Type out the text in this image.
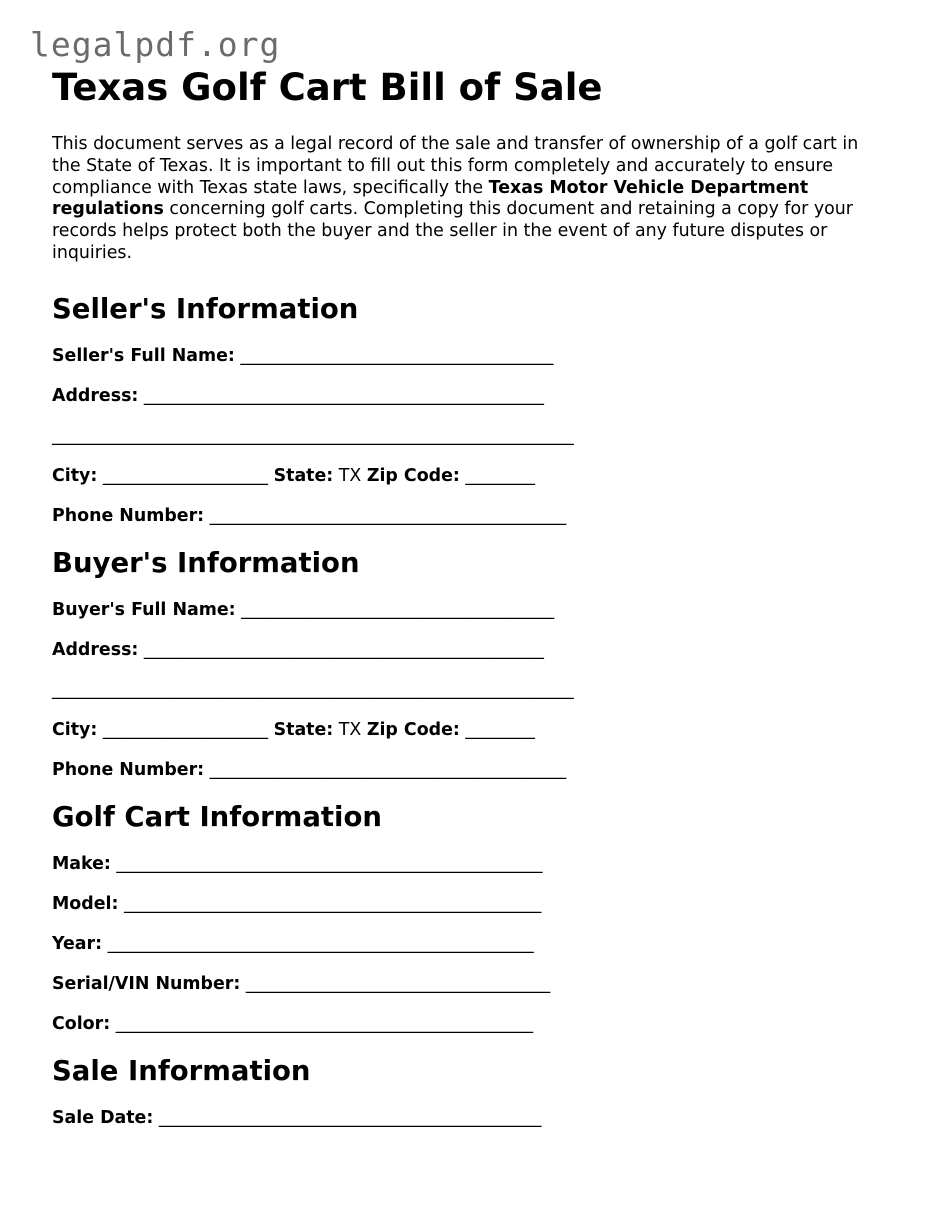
legalpdf.org
Texas Golf Cart Bill of Sale

This document serves as a legal record of the sale and transfer of ownership of a golf cart in the State of Texas. It is important to fill out this form completely and accurately to ensure compliance with Texas state laws, specifically the Texas Motor Vehicle Department regulations concerning golf carts. Completing this document and retaining a copy for your records helps protect both the buyer and the seller in the event of any future disputes or inquiries.

Seller's Information
Seller's Full Name: ____________________________________
Address: ______________________________________________
____________________________________________________________
City: ___________________ State: TX Zip Code: ________
Phone Number: _________________________________________
Buyer's Information
Buyer's Full Name: ____________________________________
Address: ______________________________________________
____________________________________________________________
City: ___________________ State: TX Zip Code: ________
Phone Number: _________________________________________
Golf Cart Information
Make: _________________________________________________
Model: ________________________________________________
Year: _________________________________________________
Serial/VIN Number: ___________________________________
Color: ________________________________________________
Sale Information
Sale Date: ____________________________________________
